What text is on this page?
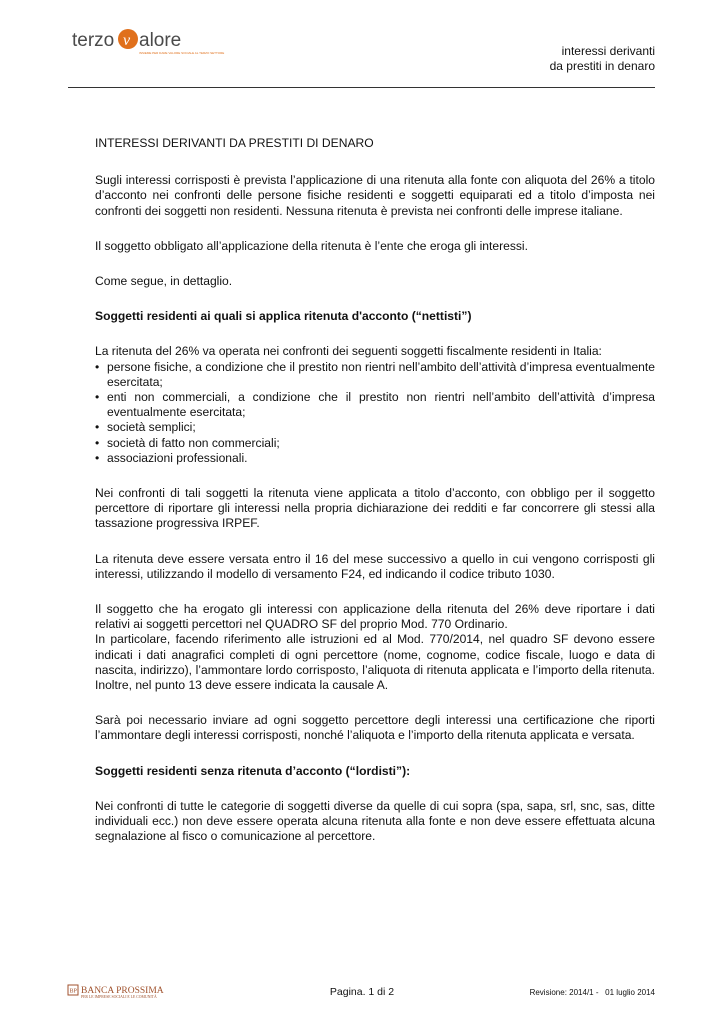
terzo v alore
INSIEME PER DARE VALORE SOCIALE AL TERZO SETTORE	interessi derivanti
da prestiti in denaro

INTERESSI DERIVANTI DA PRESTITI DI DENARO

Sugli interessi corrisposti è prevista l’applicazione di una ritenuta alla fonte con aliquota del 26% a titolo d’acconto nei confronti delle persone fisiche residenti e soggetti equiparati ed a titolo d’imposta nei confronti dei soggetti non residenti. Nessuna ritenuta è prevista nei confronti delle imprese italiane.

Il soggetto obbligato all’applicazione della ritenuta è l’ente che eroga gli interessi.

Come segue, in dettaglio.

Soggetti residenti ai quali si applica ritenuta d'acconto (“nettisti”)

La ritenuta del 26% va operata nei confronti dei seguenti soggetti fiscalmente residenti in Italia:

• persone fisiche, a condizione che il prestito non rientri nell’ambito dell’attività d’impresa eventualmente esercitata;
• enti non commerciali, a condizione che il prestito non rientri nell’ambito dell’attività d’impresa eventualmente esercitata;
• società semplici;
• società di fatto non commerciali;
• associazioni professionali.

Nei confronti di tali soggetti la ritenuta viene applicata a titolo d’acconto, con obbligo per il soggetto percettore di riportare gli interessi nella propria dichiarazione dei redditi e far concorrere gli stessi alla tassazione progressiva IRPEF.

La ritenuta deve essere versata entro il 16 del mese successivo a quello in cui vengono corrisposti gli interessi, utilizzando il modello di versamento F24, ed indicando il codice tributo 1030.

Il soggetto che ha erogato gli interessi con applicazione della ritenuta del 26% deve riportare i dati relativi ai soggetti percettori nel QUADRO SF del proprio Mod. 770 Ordinario.

In particolare, facendo riferimento alle istruzioni ed al Mod. 770/2014, nel quadro SF devono essere indicati i dati anagrafici completi di ogni percettore (nome, cognome, codice fiscale, luogo e data di nascita, indirizzo), l’ammontare lordo corrisposto, l’aliquota di ritenuta applicata e l’importo della ritenuta. Inoltre, nel punto 13 deve essere indicata la causale A.

Sarà poi necessario inviare ad ogni soggetto percettore degli interessi una certificazione che riporti l’ammontare degli interessi corrisposti, nonché l’aliquota e l’importo della ritenuta applicata e versata.

Soggetti residenti senza ritenuta d’acconto (“lordisti”):

Nei confronti di tutte le categorie di soggetti diverse da quelle di cui sopra (spa, sapa, srl, snc, sas, ditte individuali ecc.) non deve essere operata alcuna ritenuta alla fonte e non deve essere effettuata alcuna segnalazione al fisco o comunicazione al percettore.

BP BANCA PROSSIMA
PER LE IMPRESE SOCIALI E LE COMUNITÀ	Pagina. 1 di 2	Revisione: 2014/1 -   01 luglio 2014
